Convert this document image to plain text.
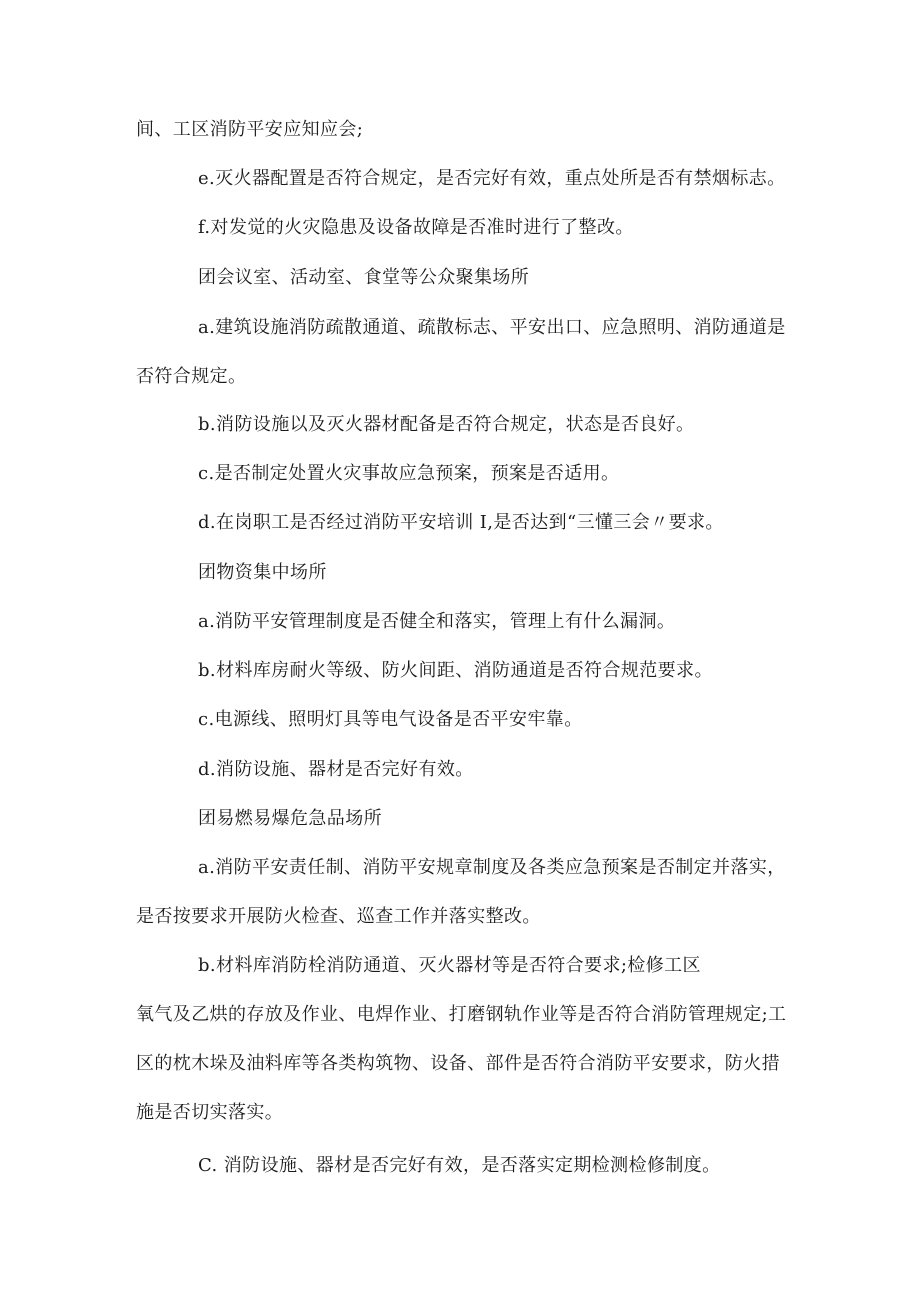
间、工区消防平安应知应会;
e.灭火器配置是否符合规定，是否完好有效，重点处所是否有禁烟标志。
f.对发觉的火灾隐患及设备故障是否准时进行了整改。
团会议室、活动室、食堂等公众聚集场所
a.建筑设施消防疏散通道、疏散标志、平安出口、应急照明、消防通道是
否符合规定。
b.消防设施以及灭火器材配备是否符合规定，状态是否良好。
c.是否制定处置火灾事故应急预案，预案是否适用。
d.在岗职工是否经过消防平安培训 I,是否达到“三懂三会〃要求。
团物资集中场所
a.消防平安管理制度是否健全和落实，管理上有什么漏洞。
b.材料库房耐火等级、防火间距、消防通道是否符合规范要求。
c.电源线、照明灯具等电气设备是否平安牢靠。
d.消防设施、器材是否完好有效。
团易燃易爆危急品场所
a.消防平安责任制、消防平安规章制度及各类应急预案是否制定并落实，
是否按要求开展防火检查、巡查工作并落实整改。
b.材料库消防栓消防通道、灭火器材等是否符合要求;检修工区
氧气及乙烘的存放及作业、电焊作业、打磨钢轨作业等是否符合消防管理规定;工
区的枕木垛及油料库等各类构筑物、设备、部件是否符合消防平安要求，防火措
施是否切实落实。
C. 消防设施、器材是否完好有效，是否落实定期检测检修制度。
